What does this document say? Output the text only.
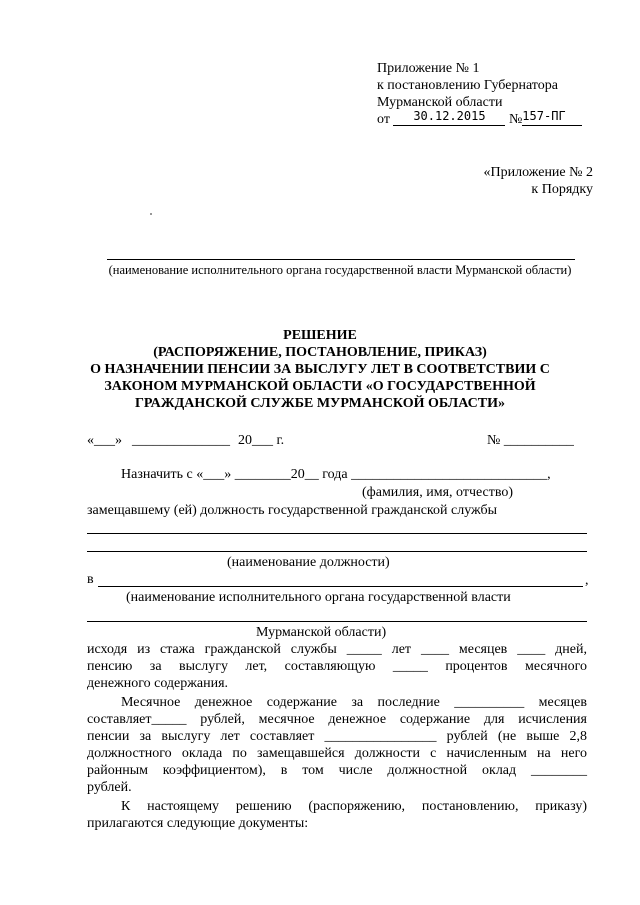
Приложение № 1
к постановлению Губернатора
Мурманской области
от 30.12.2015 №157-ПГ
«Приложение № 2
к Порядку
(наименование исполнительного органа государственной власти Мурманской области)
РЕШЕНИЕ
(РАСПОРЯЖЕНИЕ, ПОСТАНОВЛЕНИЕ, ПРИКАЗ)
О НАЗНАЧЕНИИ ПЕНСИИ ЗА ВЫСЛУГУ ЛЕТ В СООТВЕТСТВИИ С
ЗАКОНОМ МУРМАНСКОЙ ОБЛАСТИ «О ГОСУДАРСТВЕННОЙ
ГРАЖДАНСКОЙ СЛУЖБЕ МУРМАНСКОЙ ОБЛАСТИ»
«___» ______________ 20___ г.	№ __________
Назначить с «___» ________20__ года ____________________________,
(фамилия, имя, отчество)
замещавшему (ей) должность государственной гражданской службы
(наименование должности)
в	,
(наименование исполнительного органа государственной власти
Мурманской области)
исходя из стажа гражданской службы _____ лет ____ месяцев ____ дней,
пенсию за выслугу лет, составляющую _____ процентов месячного
денежного содержания.
Месячное денежное содержание за последние __________ месяцев
составляет_____ рублей, месячное денежное содержание для исчисления
пенсии за выслугу лет составляет ________________ рублей (не выше 2,8
должностного оклада по замещавшейся должности с начисленным на него
районным коэффициентом), в том числе должностной оклад ________
рублей.
К настоящему решению (распоряжению, постановлению, приказу)
прилагаются следующие документы:
